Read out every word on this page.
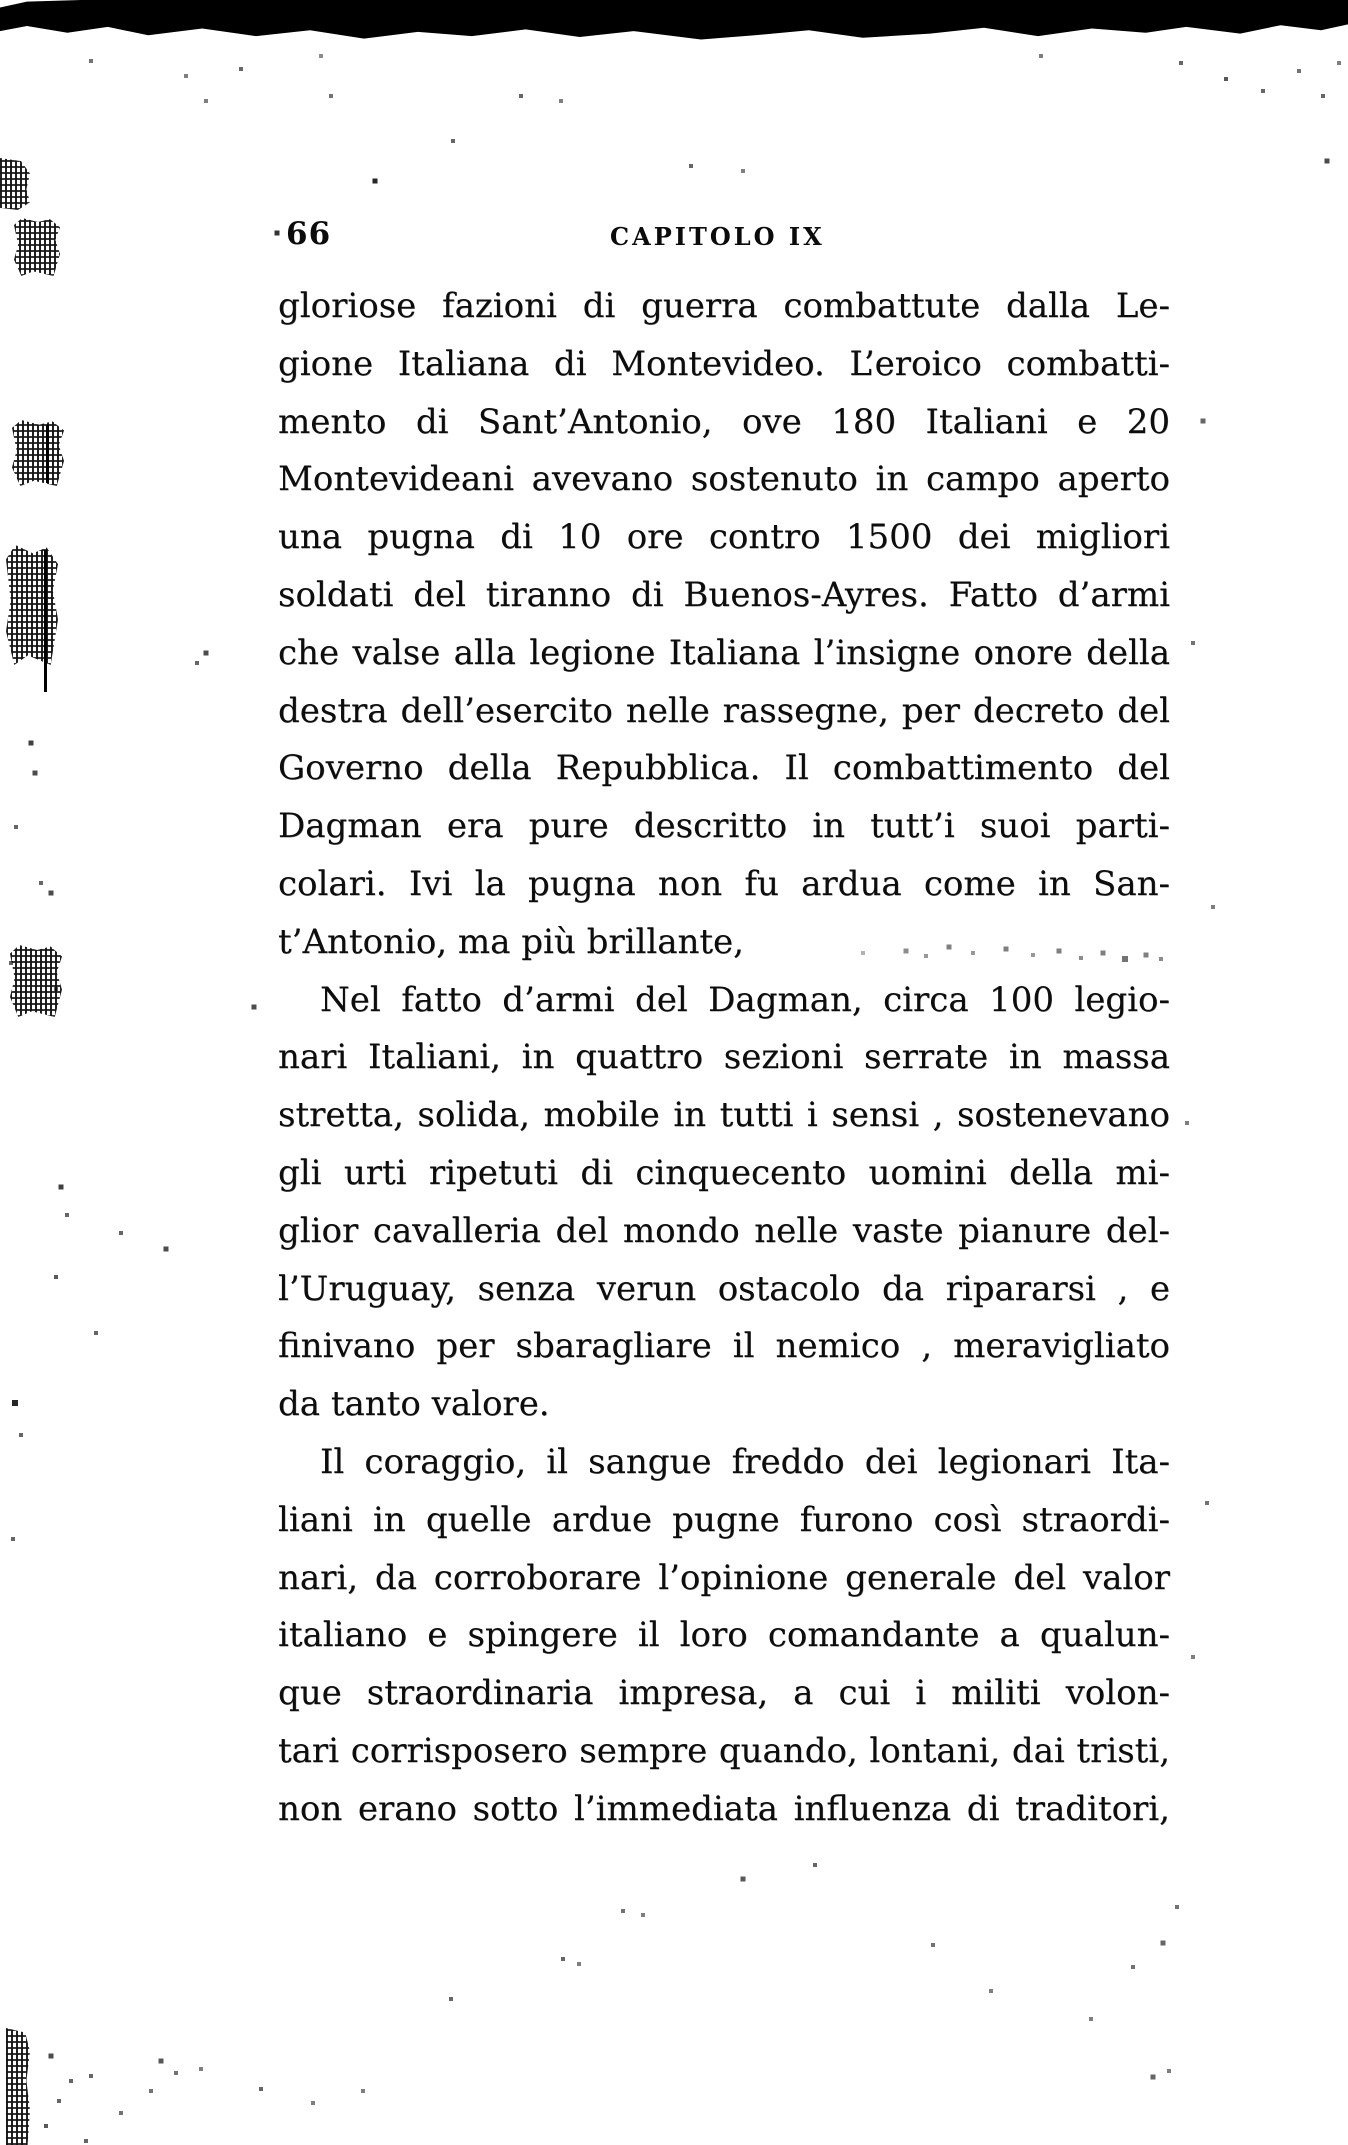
66	CAPITOLO IX
gloriose fazioni di guerra combattute dalla Le-
gione Italiana di Montevideo. L’eroico combatti-
mento di Sant’Antonio, ove 180 Italiani e 20
Montevideani avevano sostenuto in campo aperto
una pugna di 10 ore contro 1500 dei migliori
soldati del tiranno di Buenos-Ayres. Fatto d’armi
che valse alla legione Italiana l’insigne onore della
destra dell’esercito nelle rassegne, per decreto del
Governo della Repubblica. Il combattimento del
Dagman era pure descritto in tutt’i suoi parti-
colari. Ivi la pugna non fu ardua come in San-
t’Antonio, ma più brillante,
Nel fatto d’armi del Dagman, circa 100 legio-
nari Italiani, in quattro sezioni serrate in massa
stretta, solida, mobile in tutti i sensi , sostenevano
gli urti ripetuti di cinquecento uomini della mi-
glior cavalleria del mondo nelle vaste pianure del-
l’Uruguay, senza verun ostacolo da ripararsi , e
finivano per sbaragliare il nemico , meravigliato
da tanto valore.
Il coraggio, il sangue freddo dei legionari Ita-
liani in quelle ardue pugne furono così straordi-
nari, da corroborare l’opinione generale del valor
italiano e spingere il loro comandante a qualun-
que straordinaria impresa, a cui i militi volon-
tari corrisposero sempre quando, lontani, dai tristi,
non erano sotto l’immediata influenza di traditori,
